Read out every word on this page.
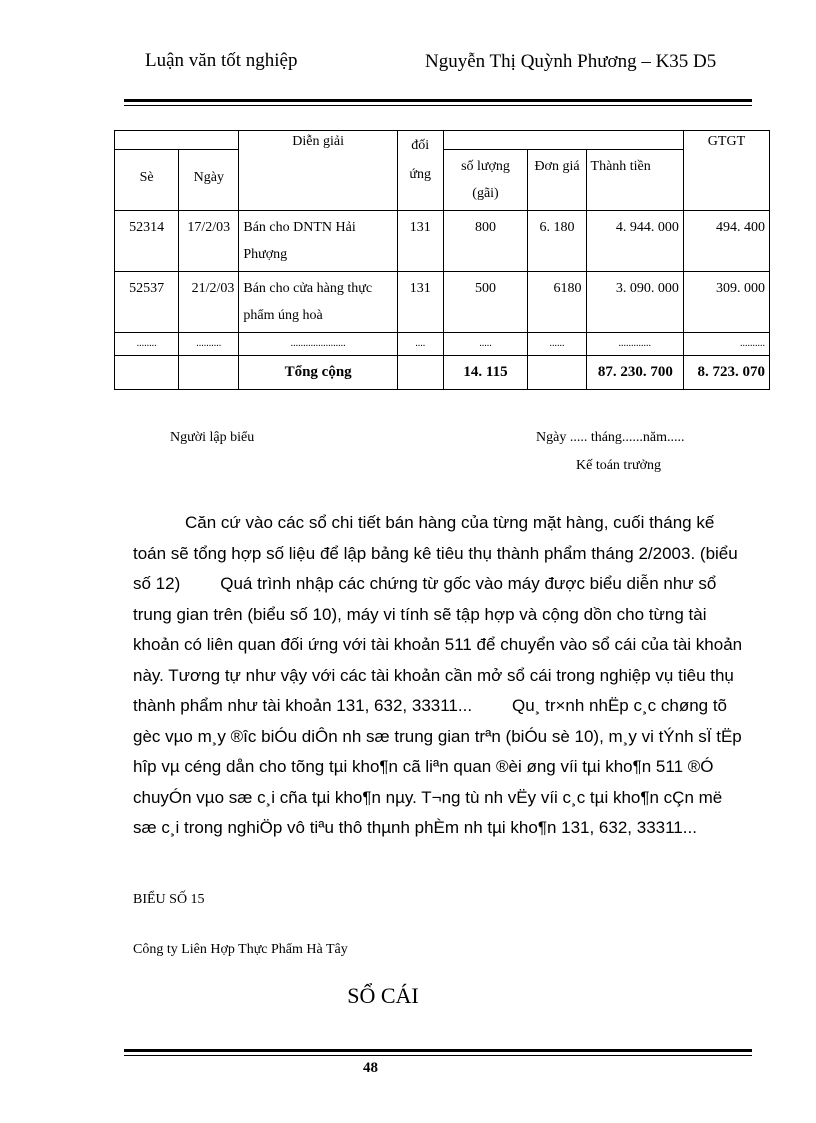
Luận văn tốt nghiệp	Nguyễn Thị Quỳnh Phương – K35 D5
		Diễn giải	đối ứng				GTGT
Sè	Ngày			số lượng (gãi)	Đơn giá	Thành tiền	
52314	17/2/03	Bán cho DNTN Hải Phượng	131	800	6. 180	4. 944. 000	494. 400
52537	21/2/03	Bán cho cửa hàng thực phẩm úng hoà	131	500	6180	3. 090. 000	309. 000
........	..........	......................	....	.....	......	.............	..........
		Tổng cộng		14. 115		87. 230. 700	8. 723. 070
Người lập biểu	Ngày ..... tháng......năm.....
Kế toán trưởng
Căn cứ vào các sổ chi tiết bán hàng của từng mặt hàng, cuối tháng kế toán sẽ tổng hợp số liệu để lập bảng kê tiêu thụ thành phẩm tháng 2/2003. (biểu số 12) Quá trình nhập các chứng từ gốc vào máy được biểu diễn như sổ trung gian trên (biểu số 10), máy vi tính sẽ tập hợp và cộng dồn cho từng tài khoản có liên quan đối ứng với tài khoản 511 để chuyển vào sổ cái của tài khoản này. Tương tự như vậy với các tài khoản cần mở sổ cái trong nghiệp vụ tiêu thụ thành phẩm như tài khoản 131, 632, 33311... Qu¸ tr×nh nhËp c¸c chøng tõ gèc vµo m¸y ®îc biÓu diÔn nh sæ trung gian trªn (biÓu sè 10), m¸y vi tÝnh sÏ tËp hîp vµ céng dån cho tõng tµi kho¶n cã liªn quan ®èi øng víi tµi kho¶n 511 ®Ó chuyÓn vµo sæ c¸i cña tµi kho¶n nµy. T¬ng tù nh vËy víi c¸c tµi kho¶n cÇn më sæ c¸i trong nghiÖp vô tiªu thô thµnh phÈm nh tµi kho¶n 131, 632, 33311...
BIỂU SỐ 15
Công ty Liên Hợp Thực Phẩm Hà Tây
SỔ CÁI
48
